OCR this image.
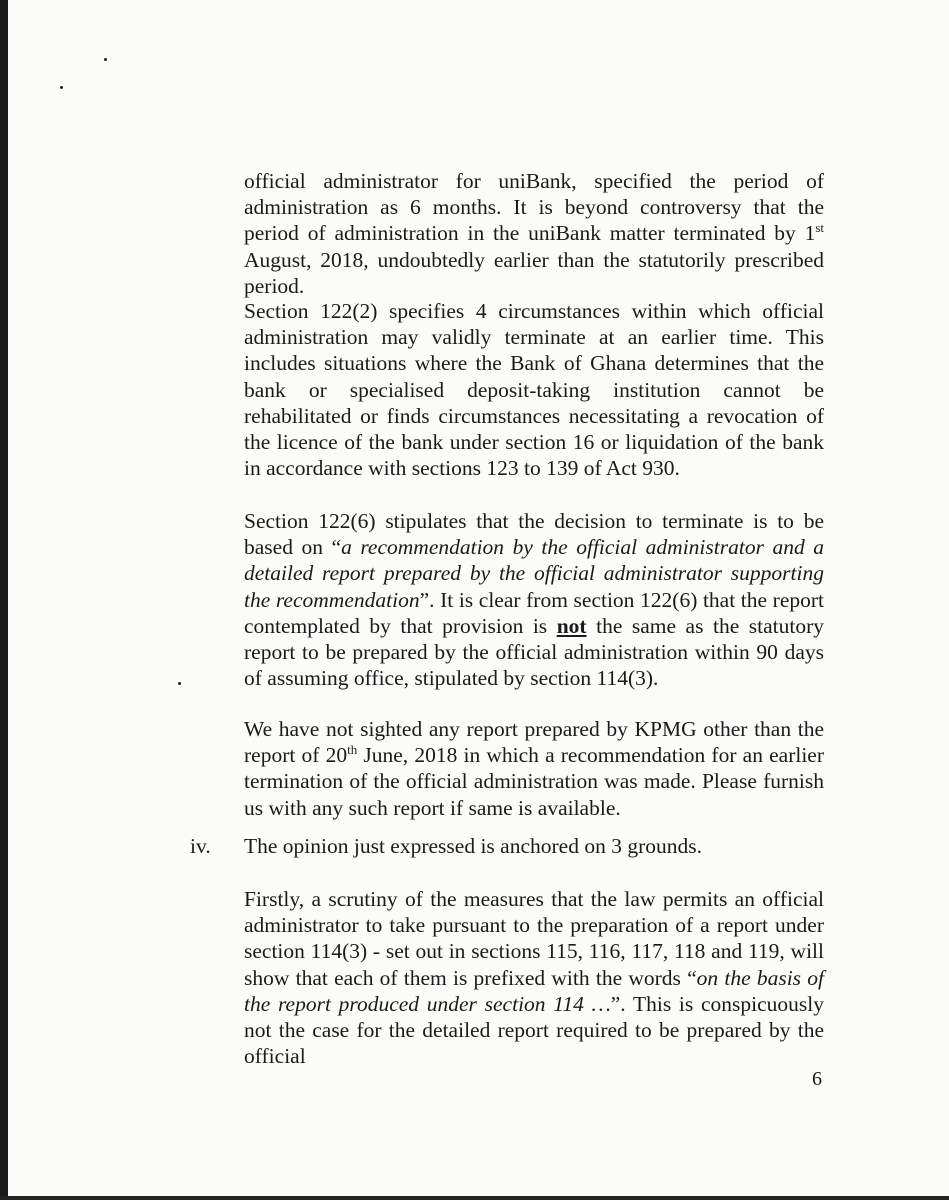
official administrator for uniBank, specified the period of administration as 6 months. It is beyond controversy that the period of administration in the uniBank matter terminated by 1st August, 2018, undoubtedly earlier than the statutorily prescribed period.

Section 122(2) specifies 4 circumstances within which official administration may validly terminate at an earlier time. This includes situations where the Bank of Ghana determines that the bank or specialised deposit-taking institution cannot be rehabilitated or finds circumstances necessitating a revocation of the licence of the bank under section 16 or liquidation of the bank in accordance with sections 123 to 139 of Act 930.

Section 122(6) stipulates that the decision to terminate is to be based on “a recommendation by the official administrator and a detailed report prepared by the official administrator supporting the recommendation”. It is clear from section 122(6) that the report contemplated by that provision is not the same as the statutory report to be prepared by the official administration within 90 days of assuming office, stipulated by section 114(3).

We have not sighted any report prepared by KPMG other than the report of 20th June, 2018 in which a recommendation for an earlier termination of the official administration was made. Please furnish us with any such report if same is available.

iv. The opinion just expressed is anchored on 3 grounds.

Firstly, a scrutiny of the measures that the law permits an official administrator to take pursuant to the preparation of a report under section 114(3) - set out in sections 115, 116, 117, 118 and 119, will show that each of them is prefixed with the words “on the basis of the report produced under section 114 …”. This is conspicuously not the case for the detailed report required to be prepared by the official

6
